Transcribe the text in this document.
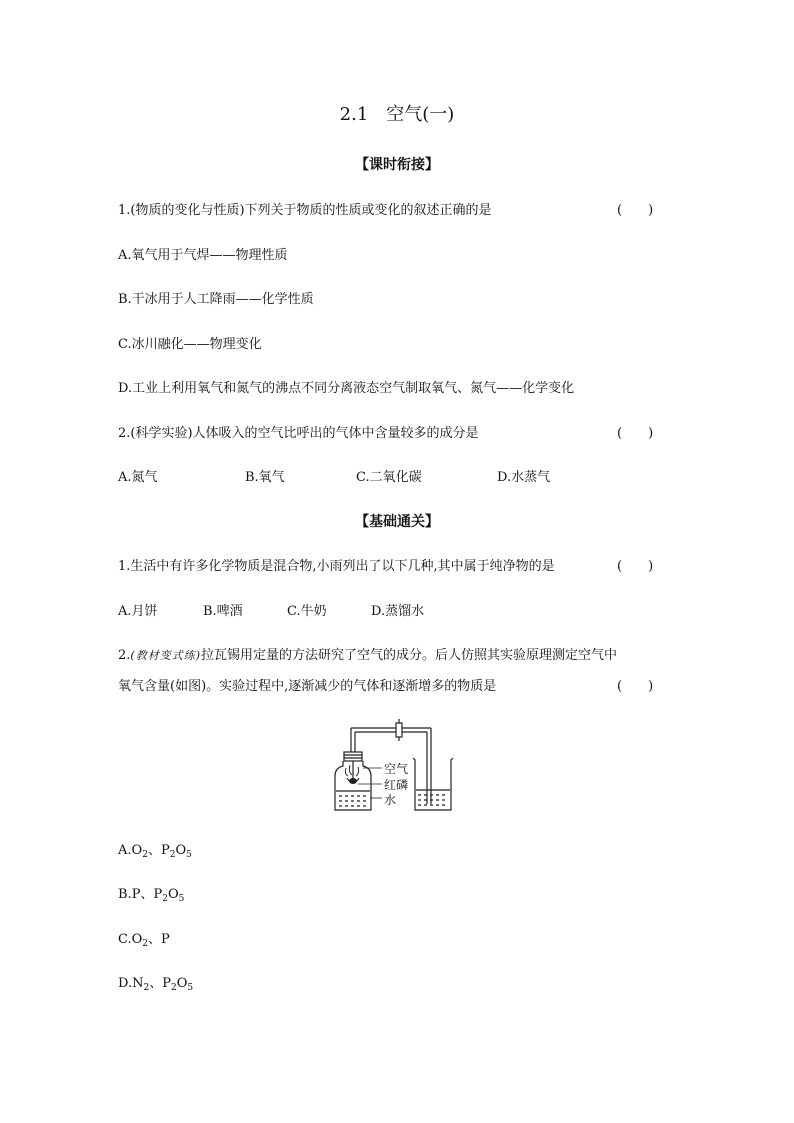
2.1　空气(一)
【课时衔接】
1.(物质的变化与性质)下列关于物质的性质或变化的叙述正确的是	(　　)
A.氧气用于气焊——物理性质
B.干冰用于人工降雨——化学性质
C.冰川融化——物理变化
D.工业上利用氧气和氮气的沸点不同分离液态空气制取氧气、氮气——化学变化
2.(科学实验)人体吸入的空气比呼出的气体中含量较多的成分是	(　　)
A.氮气	B.氧气	C.二氧化碳	D.水蒸气
【基础通关】
1.生活中有许多化学物质是混合物,小雨列出了以下几种,其中属于纯净物的是	(　　)
A.月饼	B.啤酒	C.牛奶	D.蒸馏水
2.(教材变式练)拉瓦锡用定量的方法研究了空气的成分。后人仿照其实验原理测定空气中
氧气含量(如图)。实验过程中,逐渐减少的气体和逐渐增多的物质是	(　　)
空气
红磷
水
$A.O_2$、$P_2O_5$
B.P、$P_2O_5$
$C.O_2$、P
$D.N_2$、$P_2O_5$
